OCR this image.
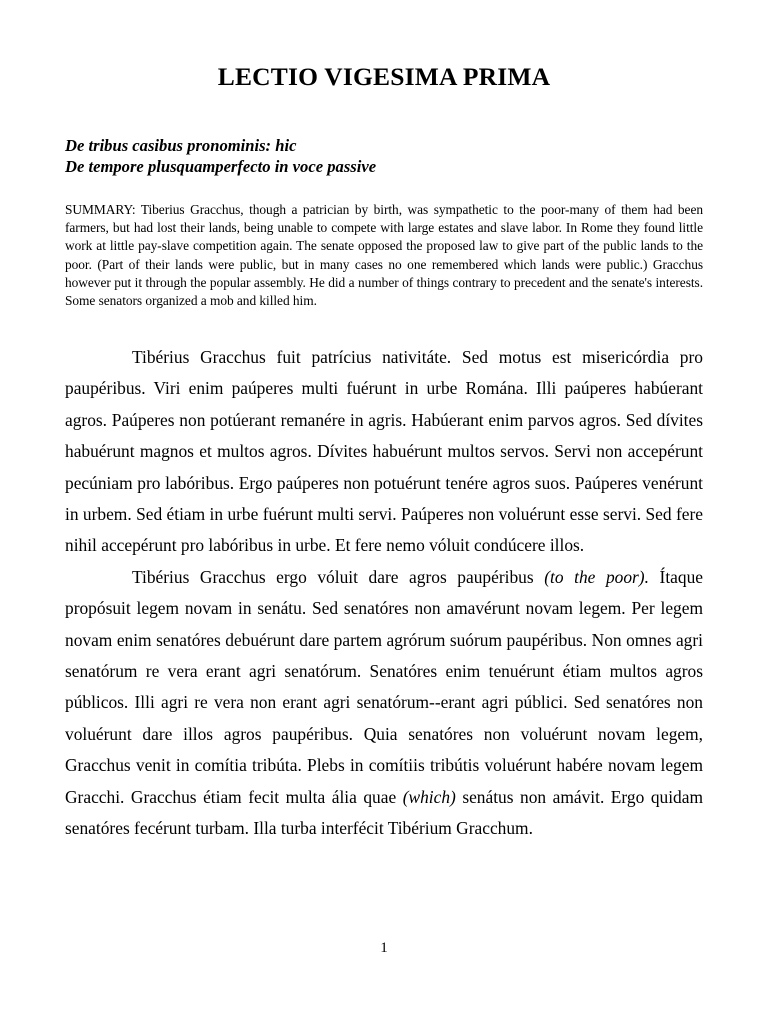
LECTIO VIGESIMA PRIMA

De tribus casibus pronominis: hic

De tempore plusquamperfecto in voce passive

SUMMARY: Tiberius Gracchus, though a patrician by birth, was sympathetic to the poor-many of them had been farmers, but had lost their lands, being unable to compete with large estates and slave labor. In Rome they found little work at little pay-slave competition again. The senate opposed the proposed law to give part of the public lands to the poor. (Part of their lands were public, but in many cases no one remembered which lands were public.) Gracchus however put it through the popular assembly. He did a number of things contrary to precedent and the senate's interests. Some senators organized a mob and killed him.

Tibérius Gracchus fuit patrícius nativitáte. Sed motus est misericórdia pro paupéribus. Viri enim paúperes multi fuérunt in urbe Romána. Illi paúperes habúerant agros. Paúperes non potúerant remanére in agris. Habúerant enim parvos agros. Sed dívites habuérunt magnos et multos agros. Dívites habuérunt multos servos. Servi non accepérunt pecúniam pro labóribus. Ergo paúperes non potuérunt tenére agros suos. Paúperes venérunt in urbem. Sed étiam in urbe fuérunt multi servi. Paúperes non voluérunt esse servi. Sed fere nihil accepérunt pro labóribus in urbe. Et fere nemo vóluit condúcere illos.

Tibérius Gracchus ergo vóluit dare agros paupéribus (to the poor). Ítaque propósuit legem novam in senátu. Sed senatóres non amavérunt novam legem. Per legem novam enim senatóres debuérunt dare partem agrórum suórum paupéribus. Non omnes agri senatórum re vera erant agri senatórum. Senatóres enim tenuérunt étiam multos agros públicos. Illi agri re vera non erant agri senatórum--erant agri públici. Sed senatóres non voluérunt dare illos agros paupéribus. Quia senatóres non voluérunt novam legem, Gracchus venit in comítia tribúta. Plebs in comítiis tribútis voluérunt habére novam legem Gracchi. Gracchus étiam fecit multa ália quae (which) senátus non amávit. Ergo quidam senatóres fecérunt turbam. Illa turba interfécit Tibérium Gracchum.

1
